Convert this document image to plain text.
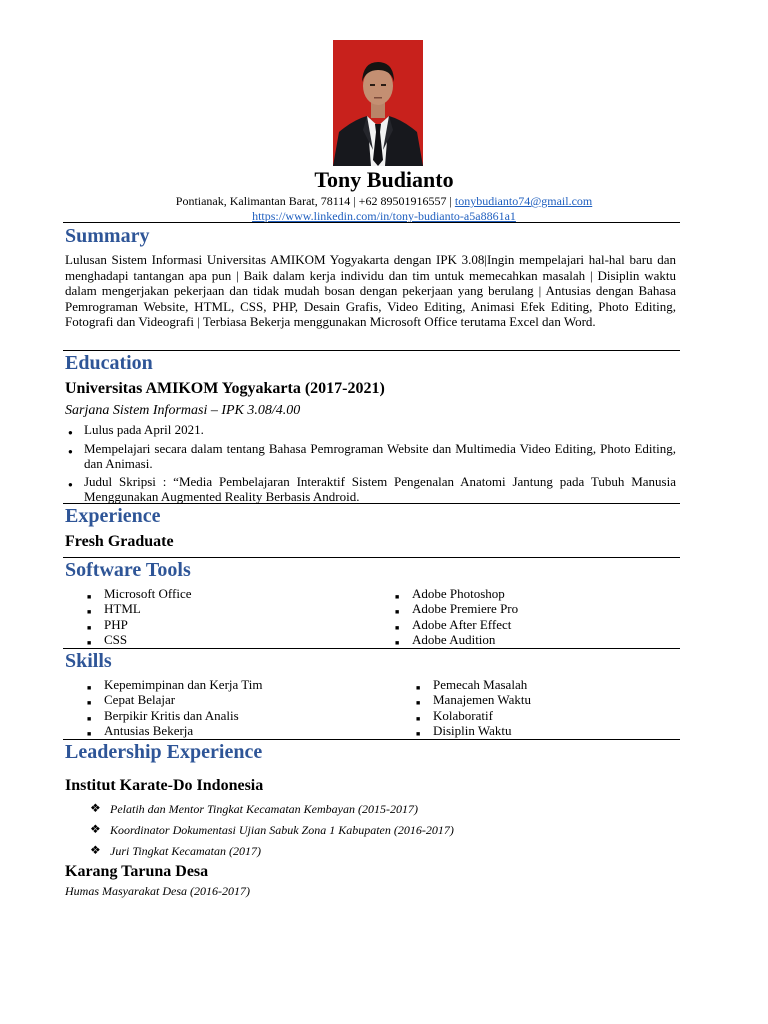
Tony Budianto
Pontianak, Kalimantan Barat, 78114 | +62 89501916557 | tonybudianto74@gmail.com
https://www.linkedin.com/in/tony-budianto-a5a8861a1
Summary
Lulusan Sistem Informasi Universitas AMIKOM Yogyakarta dengan IPK 3.08|Ingin mempelajari hal-hal baru dan menghadapi tantangan apa pun | Baik dalam kerja individu dan tim untuk memecahkan masalah | Disiplin waktu dalam mengerjakan pekerjaan dan tidak mudah bosan dengan pekerjaan yang berulang | Antusias dengan Bahasa Pemrograman Website, HTML, CSS, PHP, Desain Grafis, Video Editing, Animasi Efek Editing, Photo Editing, Fotografi dan Videografi | Terbiasa Bekerja menggunakan Microsoft Office terutama Excel dan Word.
Education
Universitas AMIKOM Yogyakarta (2017-2021)
Sarjana Sistem Informasi – IPK 3.08/4.00
● Lulus pada April 2021.
● Mempelajari secara dalam tentang Bahasa Pemrograman Website dan Multimedia Video Editing, Photo Editing, dan Animasi.
● Judul Skripsi : “Media Pembelajaran Interaktif Sistem Pengenalan Anatomi Jantung pada Tubuh Manusia Menggunakan Augmented Reality Berbasis Android.
Experience
Fresh Graduate
Software Tools
■ Microsoft Office
■ HTML
■ PHP
■ CSS
■ Adobe Photoshop
■ Adobe Premiere Pro
■ Adobe After Effect
■ Adobe Audition
Skills
■ Kepemimpinan dan Kerja Tim
■ Cepat Belajar
■ Berpikir Kritis dan Analis
■ Antusias Bekerja
■ Pemecah Masalah
■ Manajemen Waktu
■ Kolaboratif
■ Disiplin Waktu
Leadership Experience
Institut Karate-Do Indonesia
❖ Pelatih dan Mentor Tingkat Kecamatan Kembayan (2015-2017)
❖ Koordinator Dokumentasi Ujian Sabuk Zona 1 Kabupaten (2016-2017)
❖ Juri Tingkat Kecamatan (2017)
Karang Taruna Desa
Humas Masyarakat Desa (2016-2017)
